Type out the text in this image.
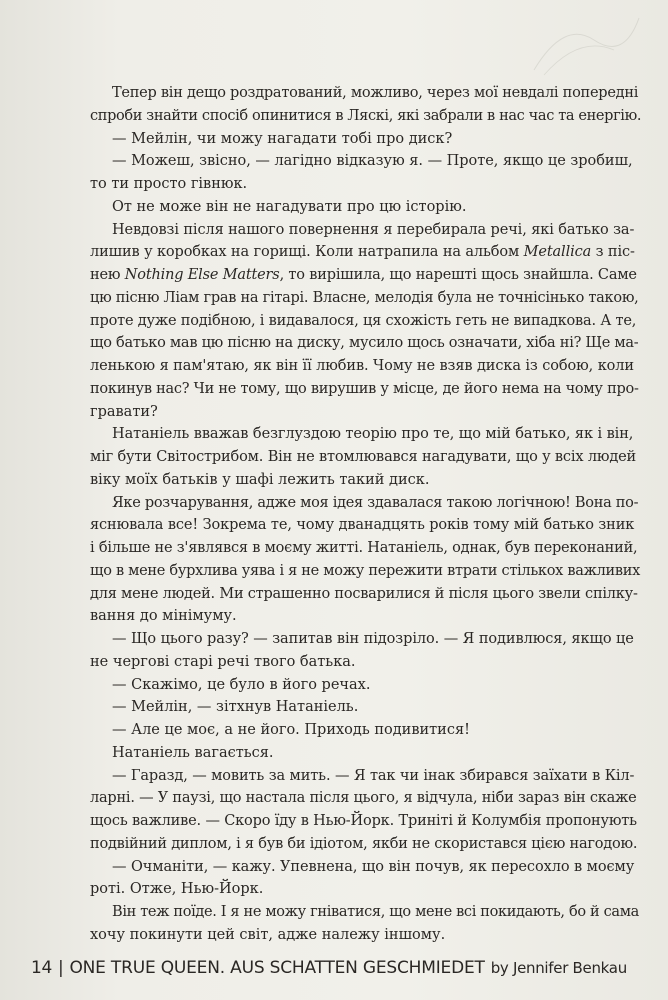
Тепер він дещо роздратований, можливо, через мої невдалі попередні
спроби знайти спосіб опинитися в Ляскі, які забрали в нас час та енергію.
— Мейлін, чи можу нагадати тобі про диск?
— Можеш, звісно, — лагідно відказую я. — Проте, якщо це зробиш,
то ти просто гівнюк.
От не може він не нагадувати про цю історію.
Невдовзі після нашого повернення я перебирала речі, які батько за-
лишив у коробках на горищі. Коли натрапила на альбом Metallica з піс-
нею Nothing Else Matters, то вирішила, що нарешті щось знайшла. Саме
цю пісню Ліам грав на гітарі. Власне, мелодія була не точнісінько такою,
проте дуже подібною, і видавалося, ця схожість геть не випадкова. А те,
що батько мав цю пісню на диску, мусило щось означати, хіба ні? Ще ма-
ленькою я пам'ятаю, як він її любив. Чому не взяв диска із собою, коли
покинув нас? Чи не тому, що вирушив у місце, де його нема на чому про-
гравати?
Натаніель вважав безглуздою теорію про те, що мій батько, як і він,
міг бути Світострибом. Він не втомлювався нагадувати, що у всіх людей
віку моїх батьків у шафі лежить такий диск.
Яке розчарування, адже моя ідея здавалася такою логічною! Вона по-
яснювала все! Зокрема те, чому дванадцять років тому мій батько зник
і більше не з'являвся в моєму житті. Натаніель, однак, був переконаний,
що в мене бурхлива уява і я не можу пережити втрати стількох важливих
для мене людей. Ми страшенно посварилися й після цього звели спілку-
вання до мінімуму.
— Що цього разу? — запитав він підозріло. — Я подивлюся, якщо це
не чергові старі речі твого батька.
— Скажімо, це було в його речах.
— Мейлін, — зітхнув Натаніель.
— Але це моє, а не його. Приходь подивитися!
Натаніель вагається.
— Гаразд, — мовить за мить. — Я так чи інак збирався заїхати в Кіл-
ларні. — У паузі, що настала після цього, я відчула, ніби зараз він скаже
щось важливе. — Скоро їду в Нью-Йорк. Триніті й Колумбія пропонують
подвійний диплом, і я був би ідіотом, якби не скористався цією нагодою.
— Очманіти, — кажу. Упевнена, що він почув, як пересохло в моєму
роті. Отже, Нью-Йорк.
Він теж поїде. І я не можу гніватися, що мене всі покидають, бо й сама
хочу покинути цей світ, адже належу іншому.
14 | ONE TRUE QUEEN. AUS SCHATTEN GESCHMIEDET by Jennifer Benkau
